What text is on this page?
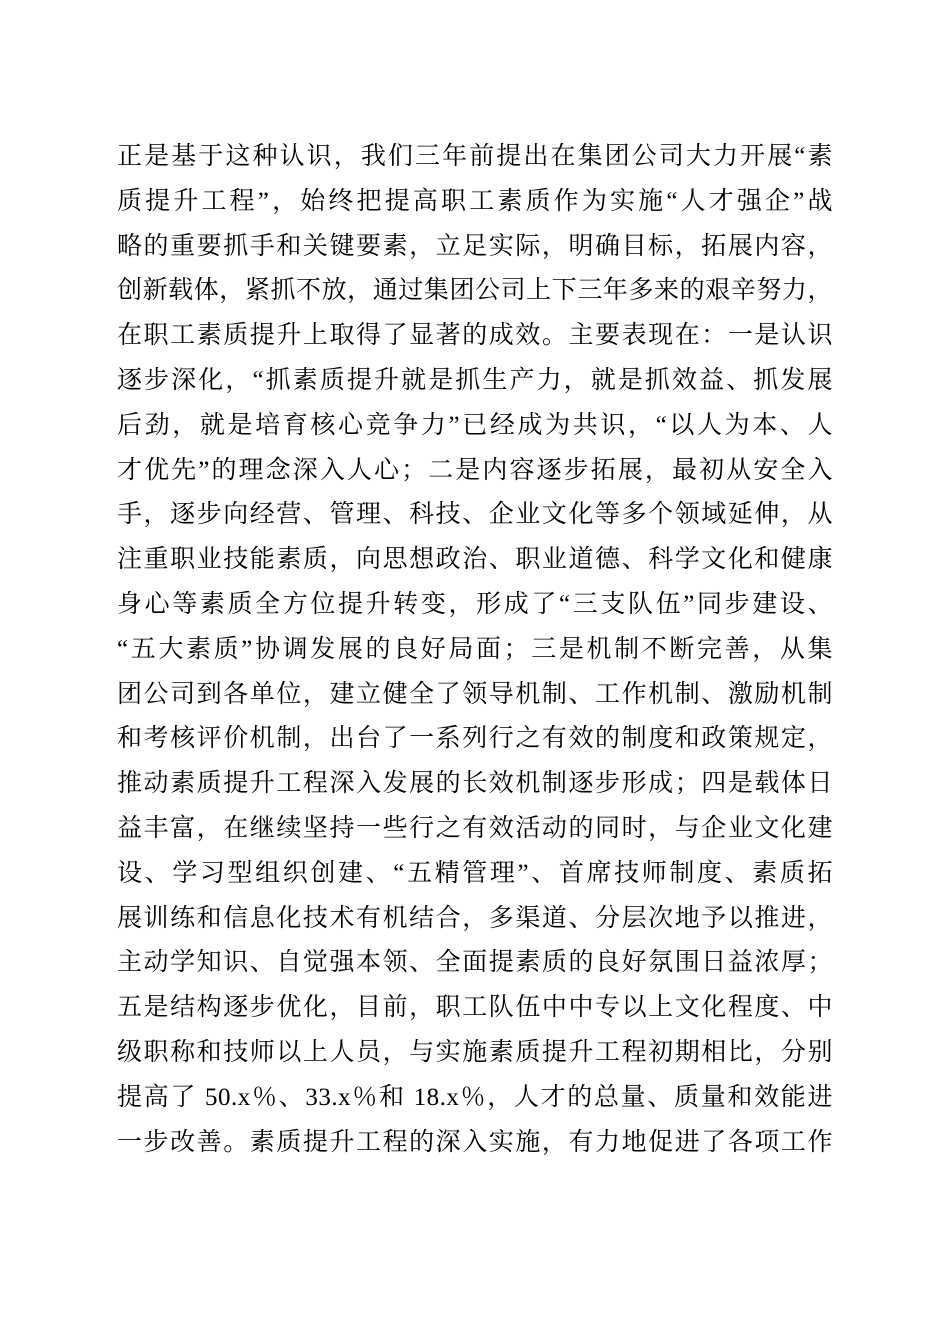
正是基于这种认识，我们三年前提出在集团公司大力开展“素
质提升工程”，始终把提高职工素质作为实施“人才强企”战
略的重要抓手和关键要素，立足实际，明确目标，拓展内容，
创新载体，紧抓不放，通过集团公司上下三年多来的艰辛努力，
在职工素质提升上取得了显著的成效。主要表现在：一是认识
逐步深化，“抓素质提升就是抓生产力，就是抓效益、抓发展
后劲，就是培育核心竞争力”已经成为共识，“以人为本、人
才优先”的理念深入人心；二是内容逐步拓展，最初从安全入
手，逐步向经营、管理、科技、企业文化等多个领域延伸，从
注重职业技能素质，向思想政治、职业道德、科学文化和健康
身心等素质全方位提升转变，形成了“三支队伍”同步建设、
“五大素质”协调发展的良好局面；三是机制不断完善，从集
团公司到各单位，建立健全了领导机制、工作机制、激励机制
和考核评价机制，出台了一系列行之有效的制度和政策规定，
推动素质提升工程深入发展的长效机制逐步形成；四是载体日
益丰富，在继续坚持一些行之有效活动的同时，与企业文化建
设、学习型组织创建、“五精管理”、首席技师制度、素质拓
展训练和信息化技术有机结合，多渠道、分层次地予以推进，
主动学知识、自觉强本领、全面提素质的良好氛围日益浓厚；
五是结构逐步优化，目前，职工队伍中中专以上文化程度、中
级职称和技师以上人员，与实施素质提升工程初期相比，分别
提高了 50.x％、33.x％和 18.x％，人才的总量、质量和效能进
一步改善。素质提升工程的深入实施，有力地促进了各项工作
